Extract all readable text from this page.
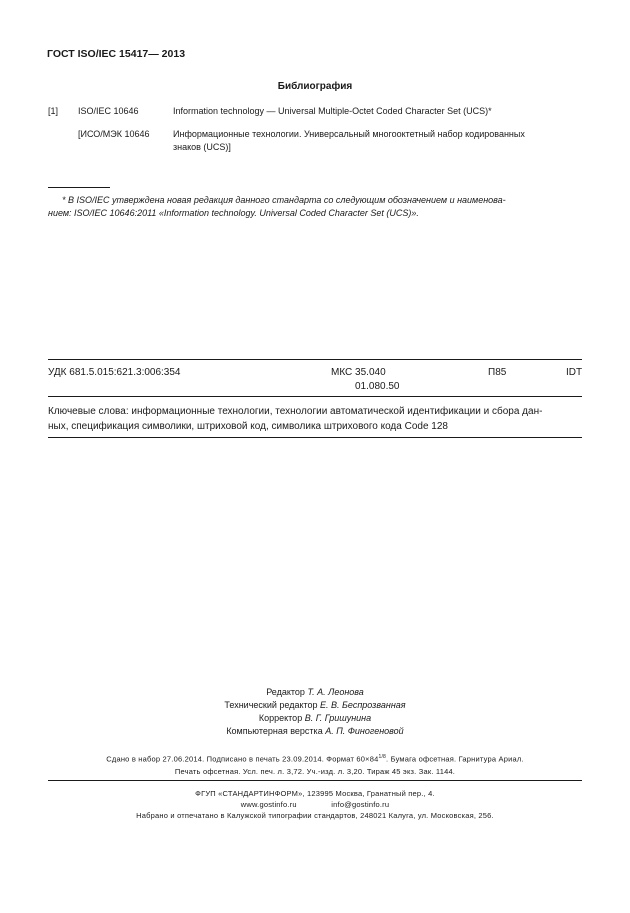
ГОСТ ISO/IEC 15417— 2013
Библиография
[1] ISO/IEC 10646	Information technology — Universal Multiple-Octet Coded Character Set (UCS)*
[ИСО/МЭК 10646	Информационные технологии. Универсальный многооктетный набор кодированных
знаков (UCS)]
* В ISO/IEC утверждена новая редакция данного стандарта со следующим обозначением и наименова-
нием: ISO/IEC 10646:2011 «Information technology. Universal Coded Character Set (UCS)».
УДК 681.5.015:621.3:006:354	МКС 35.040
01.080.50
П85	IDT
Ключевые слова: информационные технологии, технологии автоматической идентификации и сбора дан-
ных, спецификация символики, штриховой код, символика штрихового кода Code 128
Редактор Т. А. Леонова
Технический редактор Е. В. Беспрозванная
Корректор В. Г. Гришунина
Компьютерная верстка А. П. Финогеновой
Сдано в набор 27.06.2014. Подписано в печать 23.09.2014. Формат $60\times 84^{1/8}$. Бумага офсетная. Гарнитура Ариал.
Печать офсетная. Усл. печ. л. 3,72. Уч.-изд. л. 3,20. Тираж 45 экз. Зак. 1144.
ФГУП «СТАНДАРТИНФОРМ», 123995 Москва, Гранатный пер., 4.
www.gostinfo.ru	info@gostinfo.ru
Набрано и отпечатано в Калужской типографии стандартов, 248021 Калуга, ул. Московская, 256.
